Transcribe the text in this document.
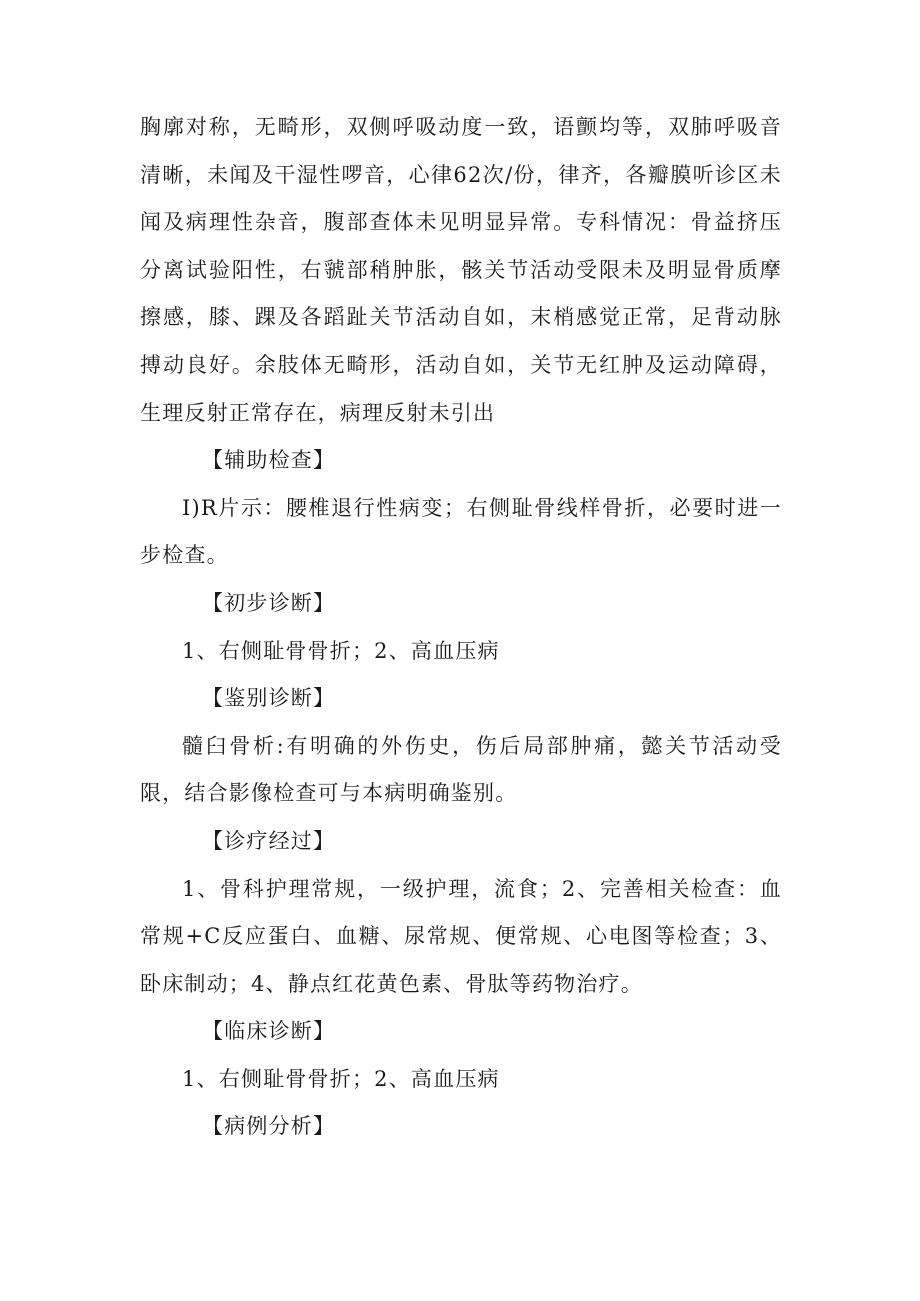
胸廓对称，无畸形，双侧呼吸动度一致，语颤均等，双肺呼吸音清晰，未闻及干湿性啰音，心律62次/份，律齐，各瓣膜听诊区未闻及病理性杂音，腹部查体未见明显异常。专科情况：骨益挤压分离试验阳性，右虢部稍肿胀，骸关节活动受限未及明显骨质摩擦感，膝、踝及各蹈趾关节活动自如，末梢感觉正常，足背动脉搏动良好。余肢体无畸形，活动自如，关节无红肿及运动障碍，生理反射正常存在，病理反射未引出

【辅助检查】

I)R片示：腰椎退行性病变；右侧耻骨线样骨折，必要时进一步检查。

【初步诊断】

1、右侧耻骨骨折；2、高血压病

【鉴别诊断】

髓臼骨析:有明确的外伤史，伤后局部肿痛，懿关节活动受限，结合影像检查可与本病明确鉴别。

【诊疗经过】

1、骨科护理常规，一级护理，流食；2、完善相关检查：血常规+C反应蛋白、血糖、尿常规、便常规、心电图等检查；3、卧床制动；4、静点红花黄色素、骨肽等药物治疗。

【临床诊断】

1、右侧耻骨骨折；2、高血压病

【病例分析】
